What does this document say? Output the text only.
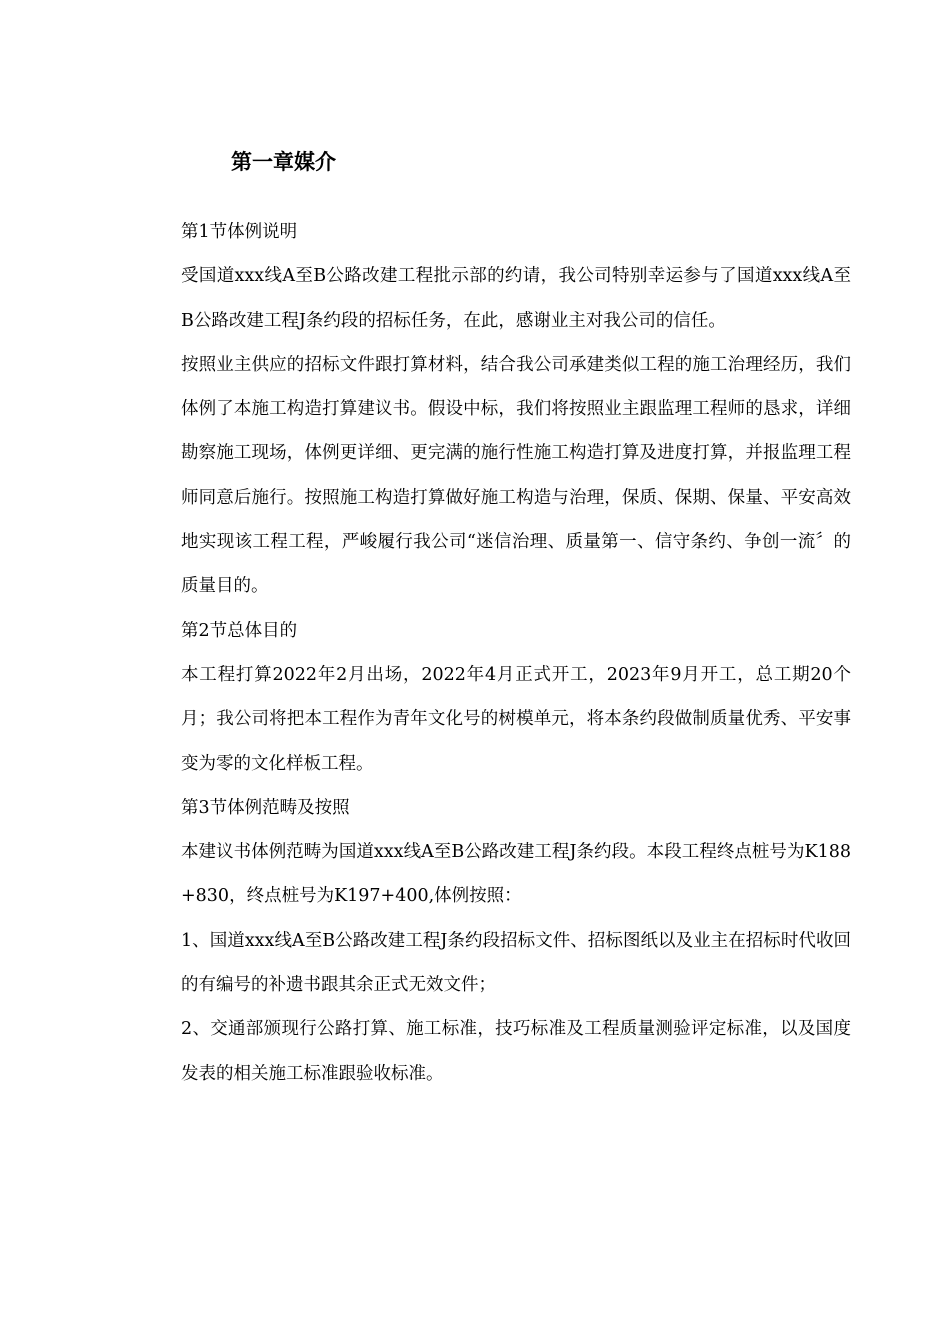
第一章媒介

第1节体例说明

受国道xxx线A至B公路改建工程批示部的约请，我公司特别幸运参与了国道xxx线A至B公路改建工程J条约段的招标任务，在此，感谢业主对我公司的信任。

按照业主供应的招标文件跟打算材料，结合我公司承建类似工程的施工治理经历，我们体例了本施工构造打算建议书。假设中标，我们将按照业主跟监理工程师的恳求，详细勘察施工现场，体例更详细、更完满的施行性施工构造打算及进度打算，并报监理工程师同意后施行。按照施工构造打算做好施工构造与治理，保质、保期、保量、平安高效地实现该工程工程，严峻履行我公司“迷信治理、质量第一、信守条约、争创一流〞的质量目的。

第2节总体目的

本工程打算2022年2月出场，2022年4月正式开工，2023年9月开工，总工期20个月；我公司将把本工程作为青年文化号的树模单元，将本条约段做制质量优秀、平安事变为零的文化样板工程。

第3节体例范畴及按照

本建议书体例范畴为国道xxx线A至B公路改建工程J条约段。本段工程终点桩号为K188+830，终点桩号为K197+400,体例按照：

1、国道xxx线A至B公路改建工程J条约段招标文件、招标图纸以及业主在招标时代收回的有编号的补遗书跟其余正式无效文件；

2、交通部颁现行公路打算、施工标准，技巧标准及工程质量测验评定标准，以及国度发表的相关施工标准跟验收标准。
